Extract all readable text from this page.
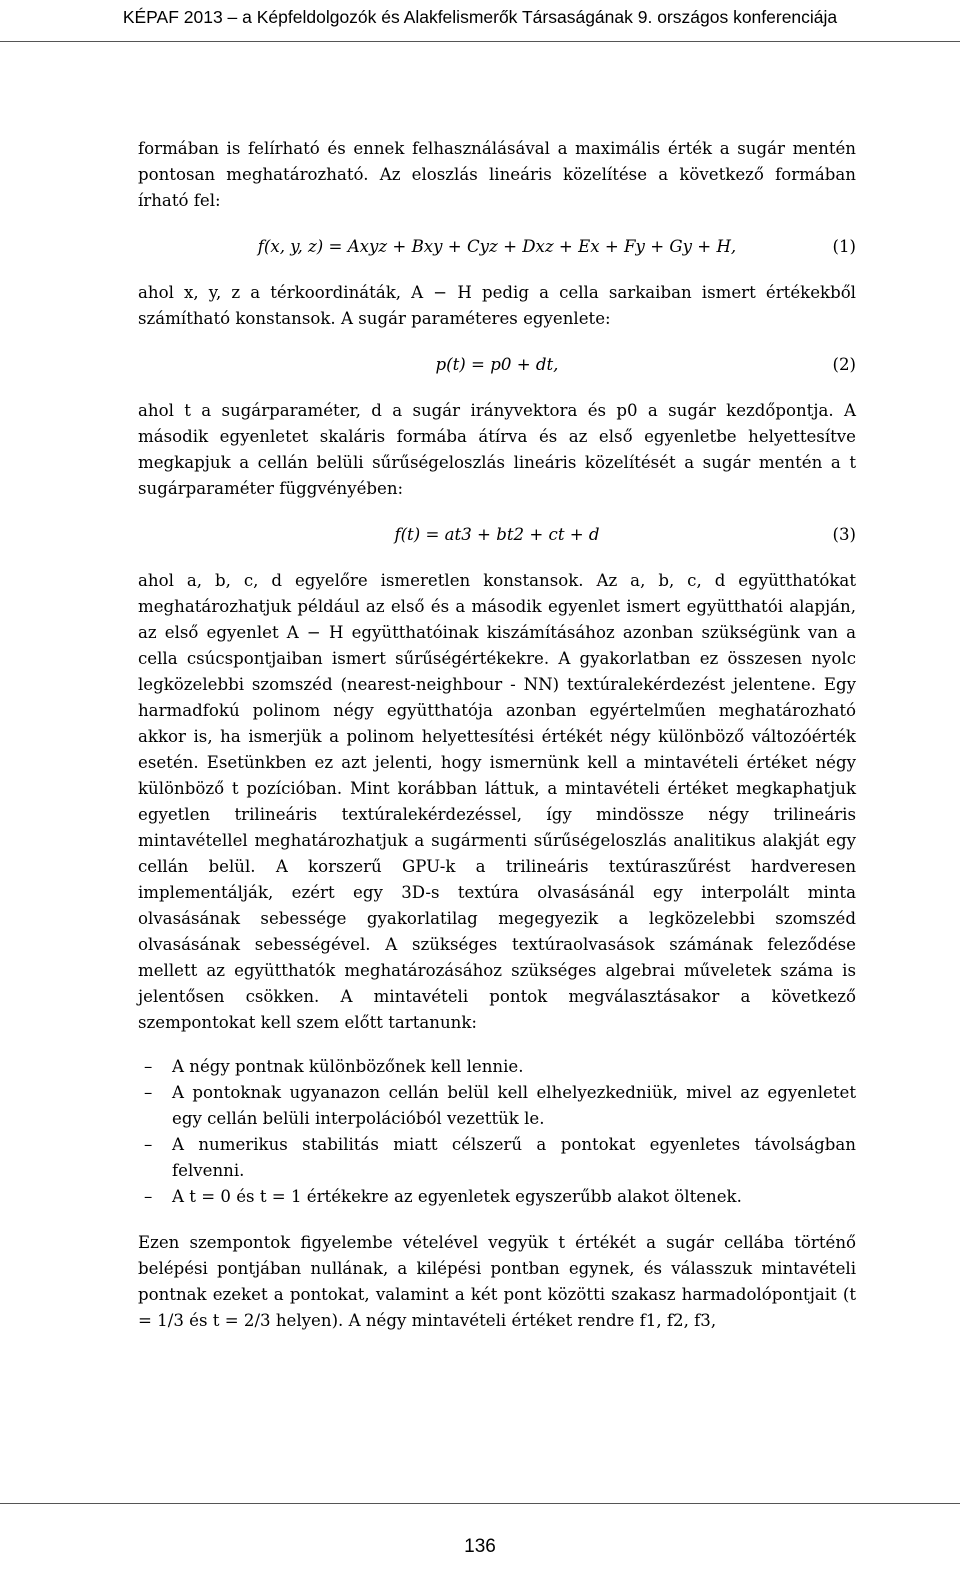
KÉPAF 2013 – a Képfeldolgozók és Alakfelismerők Társaságának 9. országos konferenciája

formában is felírható és ennek felhasználásával a maximális érték a sugár mentén pontosan meghatározható. Az eloszlás lineáris közelítése a következő formában írható fel:

f(x, y, z) = Axyz + Bxy + Cyz + Dxz + Ex + Fy + Gy + H,	(1)

ahol x, y, z a térkoordináták, A − H pedig a cella sarkaiban ismert értékekből számítható konstansok. A sugár paraméteres egyenlete:

p(t) = p0 + dt,	(2)

ahol t a sugárparaméter, d a sugár irányvektora és p0 a sugár kezdőpontja. A második egyenletet skaláris formába átírva és az első egyenletbe helyettesítve megkapjuk a cellán belüli sűrűségeloszlás lineáris közelítését a sugár mentén a t sugárparaméter függvényében:

f(t) = at3 + bt2 + ct + d	(3)

ahol a, b, c, d egyelőre ismeretlen konstansok. Az a, b, c, d együtthatókat meghatározhatjuk például az első és a második egyenlet ismert együtthatói alapján, az első egyenlet A − H együtthatóinak kiszámításához azonban szükségünk van a cella csúcspontjaiban ismert sűrűségértékekre. A gyakorlatban ez összesen nyolc legközelebbi szomszéd (nearest-neighbour - NN) textúralekérdezést jelentene. Egy harmadfokú polinom négy együtthatója azonban egyértelműen meghatározható akkor is, ha ismerjük a polinom helyettesítési értékét négy különböző változóérték esetén. Esetünkben ez azt jelenti, hogy ismernünk kell a mintavételi értéket négy különböző t pozícióban. Mint korábban láttuk, a mintavételi értéket megkaphatjuk egyetlen trilineáris textúralekérdezéssel, így mindössze négy trilineáris mintavétellel meghatározhatjuk a sugármenti sűrűségeloszlás analitikus alakját egy cellán belül. A korszerű GPU-k a trilineáris textúraszűrést hardveresen implementálják, ezért egy 3D-s textúra olvasásánál egy interpolált minta olvasásának sebessége gyakorlatilag megegyezik a legközelebbi szomszéd olvasásának sebességével. A szükséges textúraolvasások számának feleződése mellett az együtthatók meghatározásához szükséges algebrai műveletek száma is jelentősen csökken. A mintavételi pontok megválasztásakor a következő szempontokat kell szem előtt tartanunk:

– A négy pontnak különbözőnek kell lennie.
– A pontoknak ugyanazon cellán belül kell elhelyezkedniük, mivel az egyenletet egy cellán belüli interpolációból vezettük le.
– A numerikus stabilitás miatt célszerű a pontokat egyenletes távolságban felvenni.
– A t = 0 és t = 1 értékekre az egyenletek egyszerűbb alakot öltenek.

Ezen szempontok figyelembe vételével vegyük t értékét a sugár cellába történő belépési pontjában nullának, a kilépési pontban egynek, és válasszuk mintavételi pontnak ezeket a pontokat, valamint a két pont közötti szakasz harmadolópontjait (t = 1/3 és t = 2/3 helyen). A négy mintavételi értéket rendre f1, f2, f3,

136
